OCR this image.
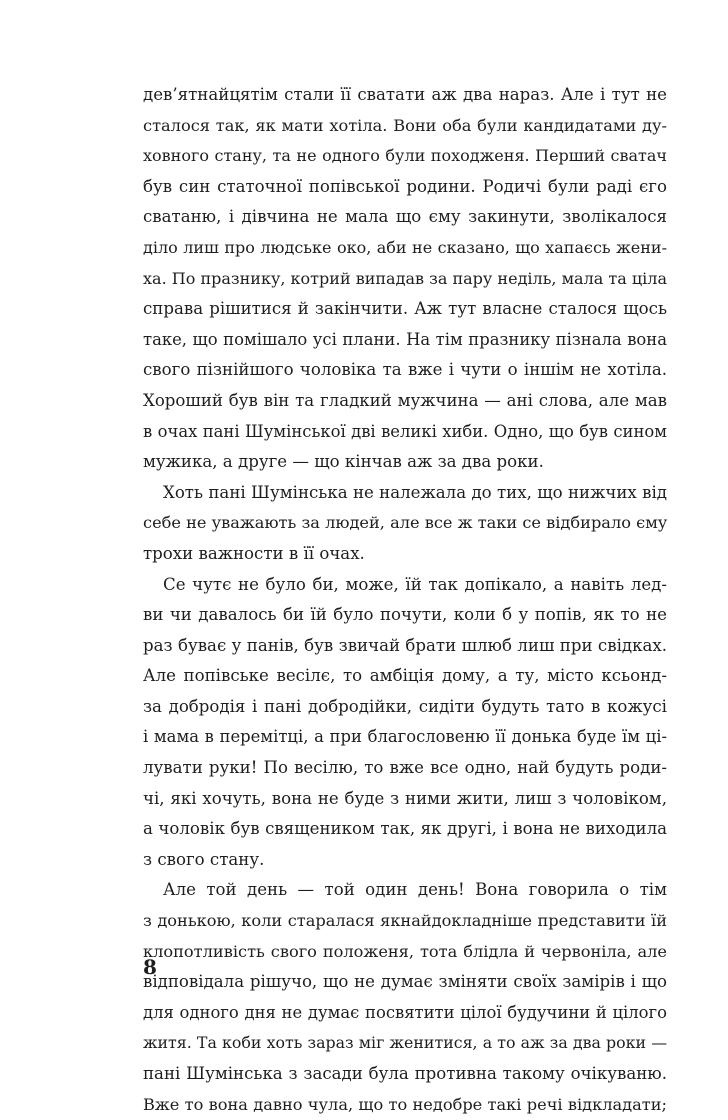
дев’ятнайцятім стали її сватати аж два нараз. Але і тут не
сталося так, як мати хотіла. Вони оба були кандидатами ду-
ховного стану, та не одного були походженя. Перший сватач
був син статочної попівської родини. Родичі були раді єго
сватаню, і дівчина не мала що єму закинути, зволікалося
діло лиш про людське око, аби не сказано, що хапаєсь жени-
ха. По празнику, котрий випадав за пару неділь, мала та ціла
справа рішитися й закінчити. Аж тут власне сталося щось
таке, що помішало усі плани. На тім празнику пізнала вона
свого пізнійшого чоловіка та вже і чути о іншім не хотіла.
Хороший був він та гладкий мужчина — ані слова, але мав
в очах пані Шумінської дві великі хиби. Одно, що був сином
мужика, а друге — що кінчав аж за два роки.
Хоть пані Шумінська не належала до тих, що нижчих від
себе не уважають за людей, але все ж таки се відбирало єму
трохи важности в її очах.
Се чутє не було би, може, їй так допікало, а навіть лед-
ви чи давалось би їй було почути, коли б у попів, як то не
раз буває у панів, був звичай брати шлюб лиш при свідках.
Але попівське весілє, то амбіція дому, а ту, місто ксьонд-
за добродія і пані добродійки, сидіти будуть тато в кожусі
і мама в перемітці, а при благословеню її донька буде їм ці-
лувати руки! По весілю, то вже все одно, най будуть роди-
чі, які хочуть, вона не буде з ними жити, лиш з чоловіком,
а чоловік був священиком так, як другі, і вона не виходила
з свого стану.
Але той день — той один день! Вона говорила о тім
з донькою, коли старалася якнайдокладніше представити їй
клопотливість свого положеня, тота блідла й червоніла, але
відповідала рішучо, що не думає зміняти своїх замірів і що
для одного дня не думає посвятити цілої будучини й цілого
житя. Та коби хоть зараз міг женитися, а то аж за два роки —
пані Шумінська з засади була противна такому очікуваню.
Вже то вона давно чула, що то недобре такі речі відкладати;
8
